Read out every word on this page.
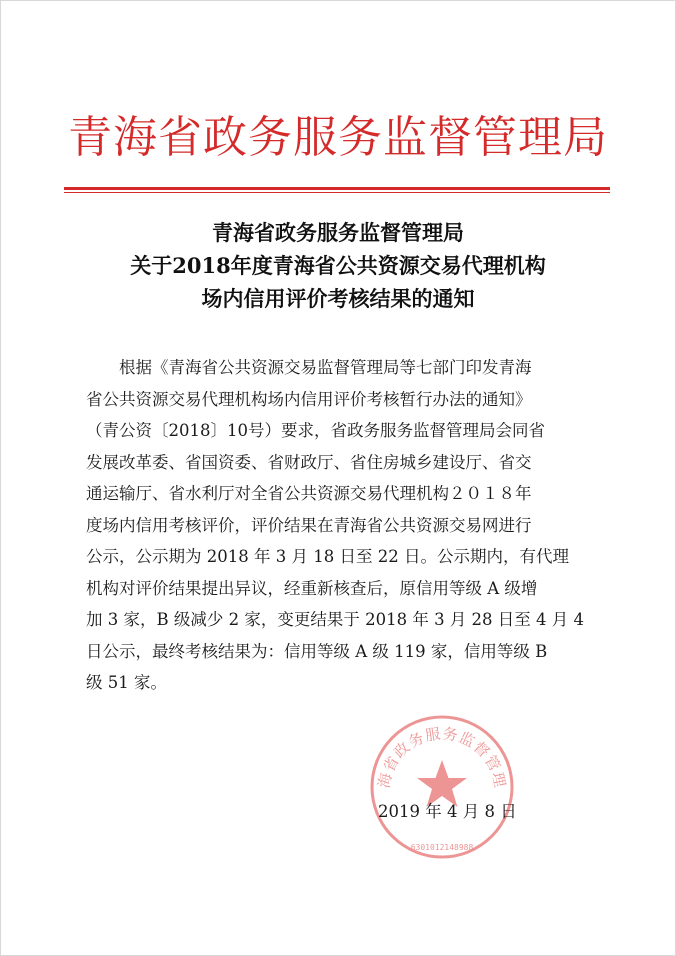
青海省政务服务监督管理局
青海省政务服务监督管理局
关于2018年度青海省公共资源交易代理机构
场内信用评价考核结果的通知
根据《青海省公共资源交易监督管理局等七部门印发青海
省公共资源交易代理机构场内信用评价考核暂行办法的通知》
（青公资〔2018〕10号）要求，省政务服务监督管理局会同省
发展改革委、省国资委、省财政厅、省住房城乡建设厅、省交
通运输厅、省水利厅对全省公共资源交易代理机构２０１８年
度场内信用考核评价，评价结果在青海省公共资源交易网进行
公示，公示期为 2018 年 3 月 18 日至 22 日。公示期内，有代理
机构对评价结果提出异议，经重新核查后，原信用等级 A 级增
加 3 家，B 级减少 2 家，变更结果于 2018 年 3 月 28 日至 4 月 4
日公示，最终考核结果为：信用等级 A 级 119 家，信用等级 B
级 51 家。
海省政务服务监督管理
6301012148988
2019 年 4 月 8 日
